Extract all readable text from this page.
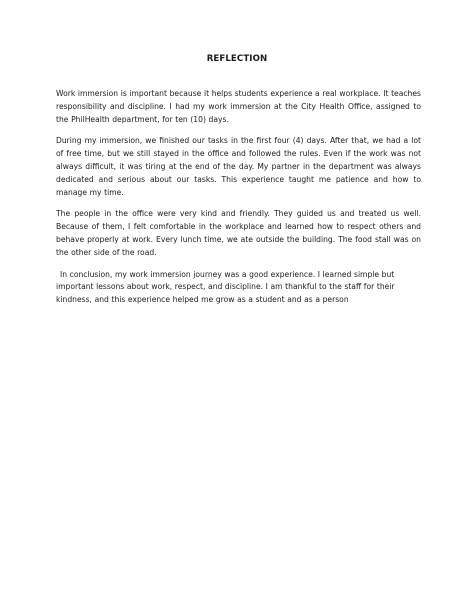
REFLECTION

Work immersion is important because it helps students experience a real workplace. It teaches responsibility and discipline. I had my work immersion at the City Health Office, assigned to the PhilHealth department, for ten (10) days.

During my immersion, we finished our tasks in the first four (4) days. After that, we had a lot of free time, but we still stayed in the office and followed the rules. Even if the work was not always difficult, it was tiring at the end of the day. My partner in the department was always dedicated and serious about our tasks. This experience taught me patience and how to manage my time.

The people in the office were very kind and friendly. They guided us and treated us well. Because of them, I felt comfortable in the workplace and learned how to respect others and behave properly at work. Every lunch time, we ate outside the building. The food stall was on the other side of the road.

In conclusion, my work immersion journey was a good experience. I learned simple but important lessons about work, respect, and discipline. I am thankful to the staff for their kindness, and this experience helped me grow as a student and as a person
